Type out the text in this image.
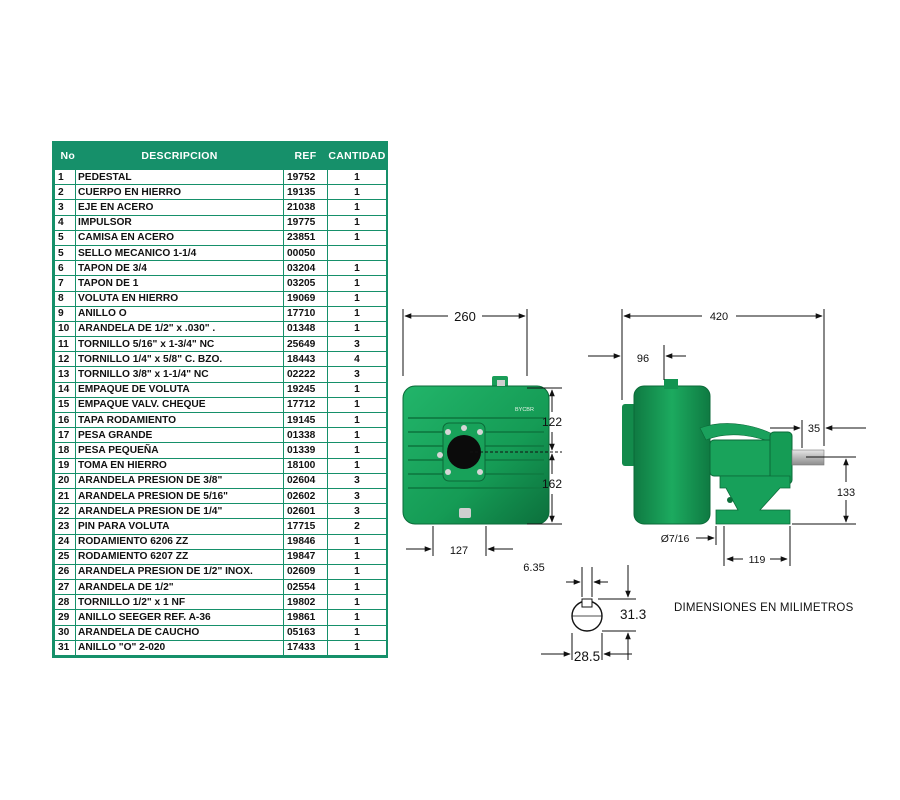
No	DESCRIPCION	REF	CANTIDAD
1	PEDESTAL	19752	1
2	CUERPO EN HIERRO	19135	1
3	EJE EN ACERO	21038	1
4	IMPULSOR	19775	1
5	CAMISA EN ACERO	23851	1
5	SELLO MECANICO 1-1/4	00050	
6	TAPON DE 3/4	03204	1
7	TAPON DE 1	03205	1
8	VOLUTA EN HIERRO	19069	1
9	ANILLO O	17710	1
10	ARANDELA DE 1/2" x .030" .	01348	1
11	TORNILLO 5/16" x 1-3/4" NC	25649	3
12	TORNILLO 1/4" x 5/8" C. BZO.	18443	4
13	TORNILLO 3/8" x 1-1/4" NC	02222	3
14	EMPAQUE DE VOLUTA	19245	1
15	EMPAQUE VALV. CHEQUE	17712	1
16	TAPA RODAMIENTO	19145	1
17	PESA GRANDE	01338	1
18	PESA PEQUEÑA	01339	1
19	TOMA EN HIERRO	18100	1
20	ARANDELA PRESION DE 3/8"	02604	3
21	ARANDELA PRESION DE 5/16"	02602	3
22	ARANDELA PRESION DE 1/4"	02601	3
23	PIN PARA VOLUTA	17715	2
24	RODAMIENTO 6206 ZZ	19846	1
25	RODAMIENTO 6207 ZZ	19847	1
26	ARANDELA PRESION DE 1/2" INOX.	02609	1
27	ARANDELA DE 1/2"	02554	1
28	TORNILLO 1/2" x 1 NF	19802	1
29	ANILLO SEEGER REF. A-36	19861	1
30	ARANDELA DE CAUCHO	05163	1
31	ANILLO "O" 2-020	17433	1
BYCBR
260
122
162
127
420
96
35
133
Ø7/16
119
6.35
31.3
28.5
DIMENSIONES EN MILIMETROS
